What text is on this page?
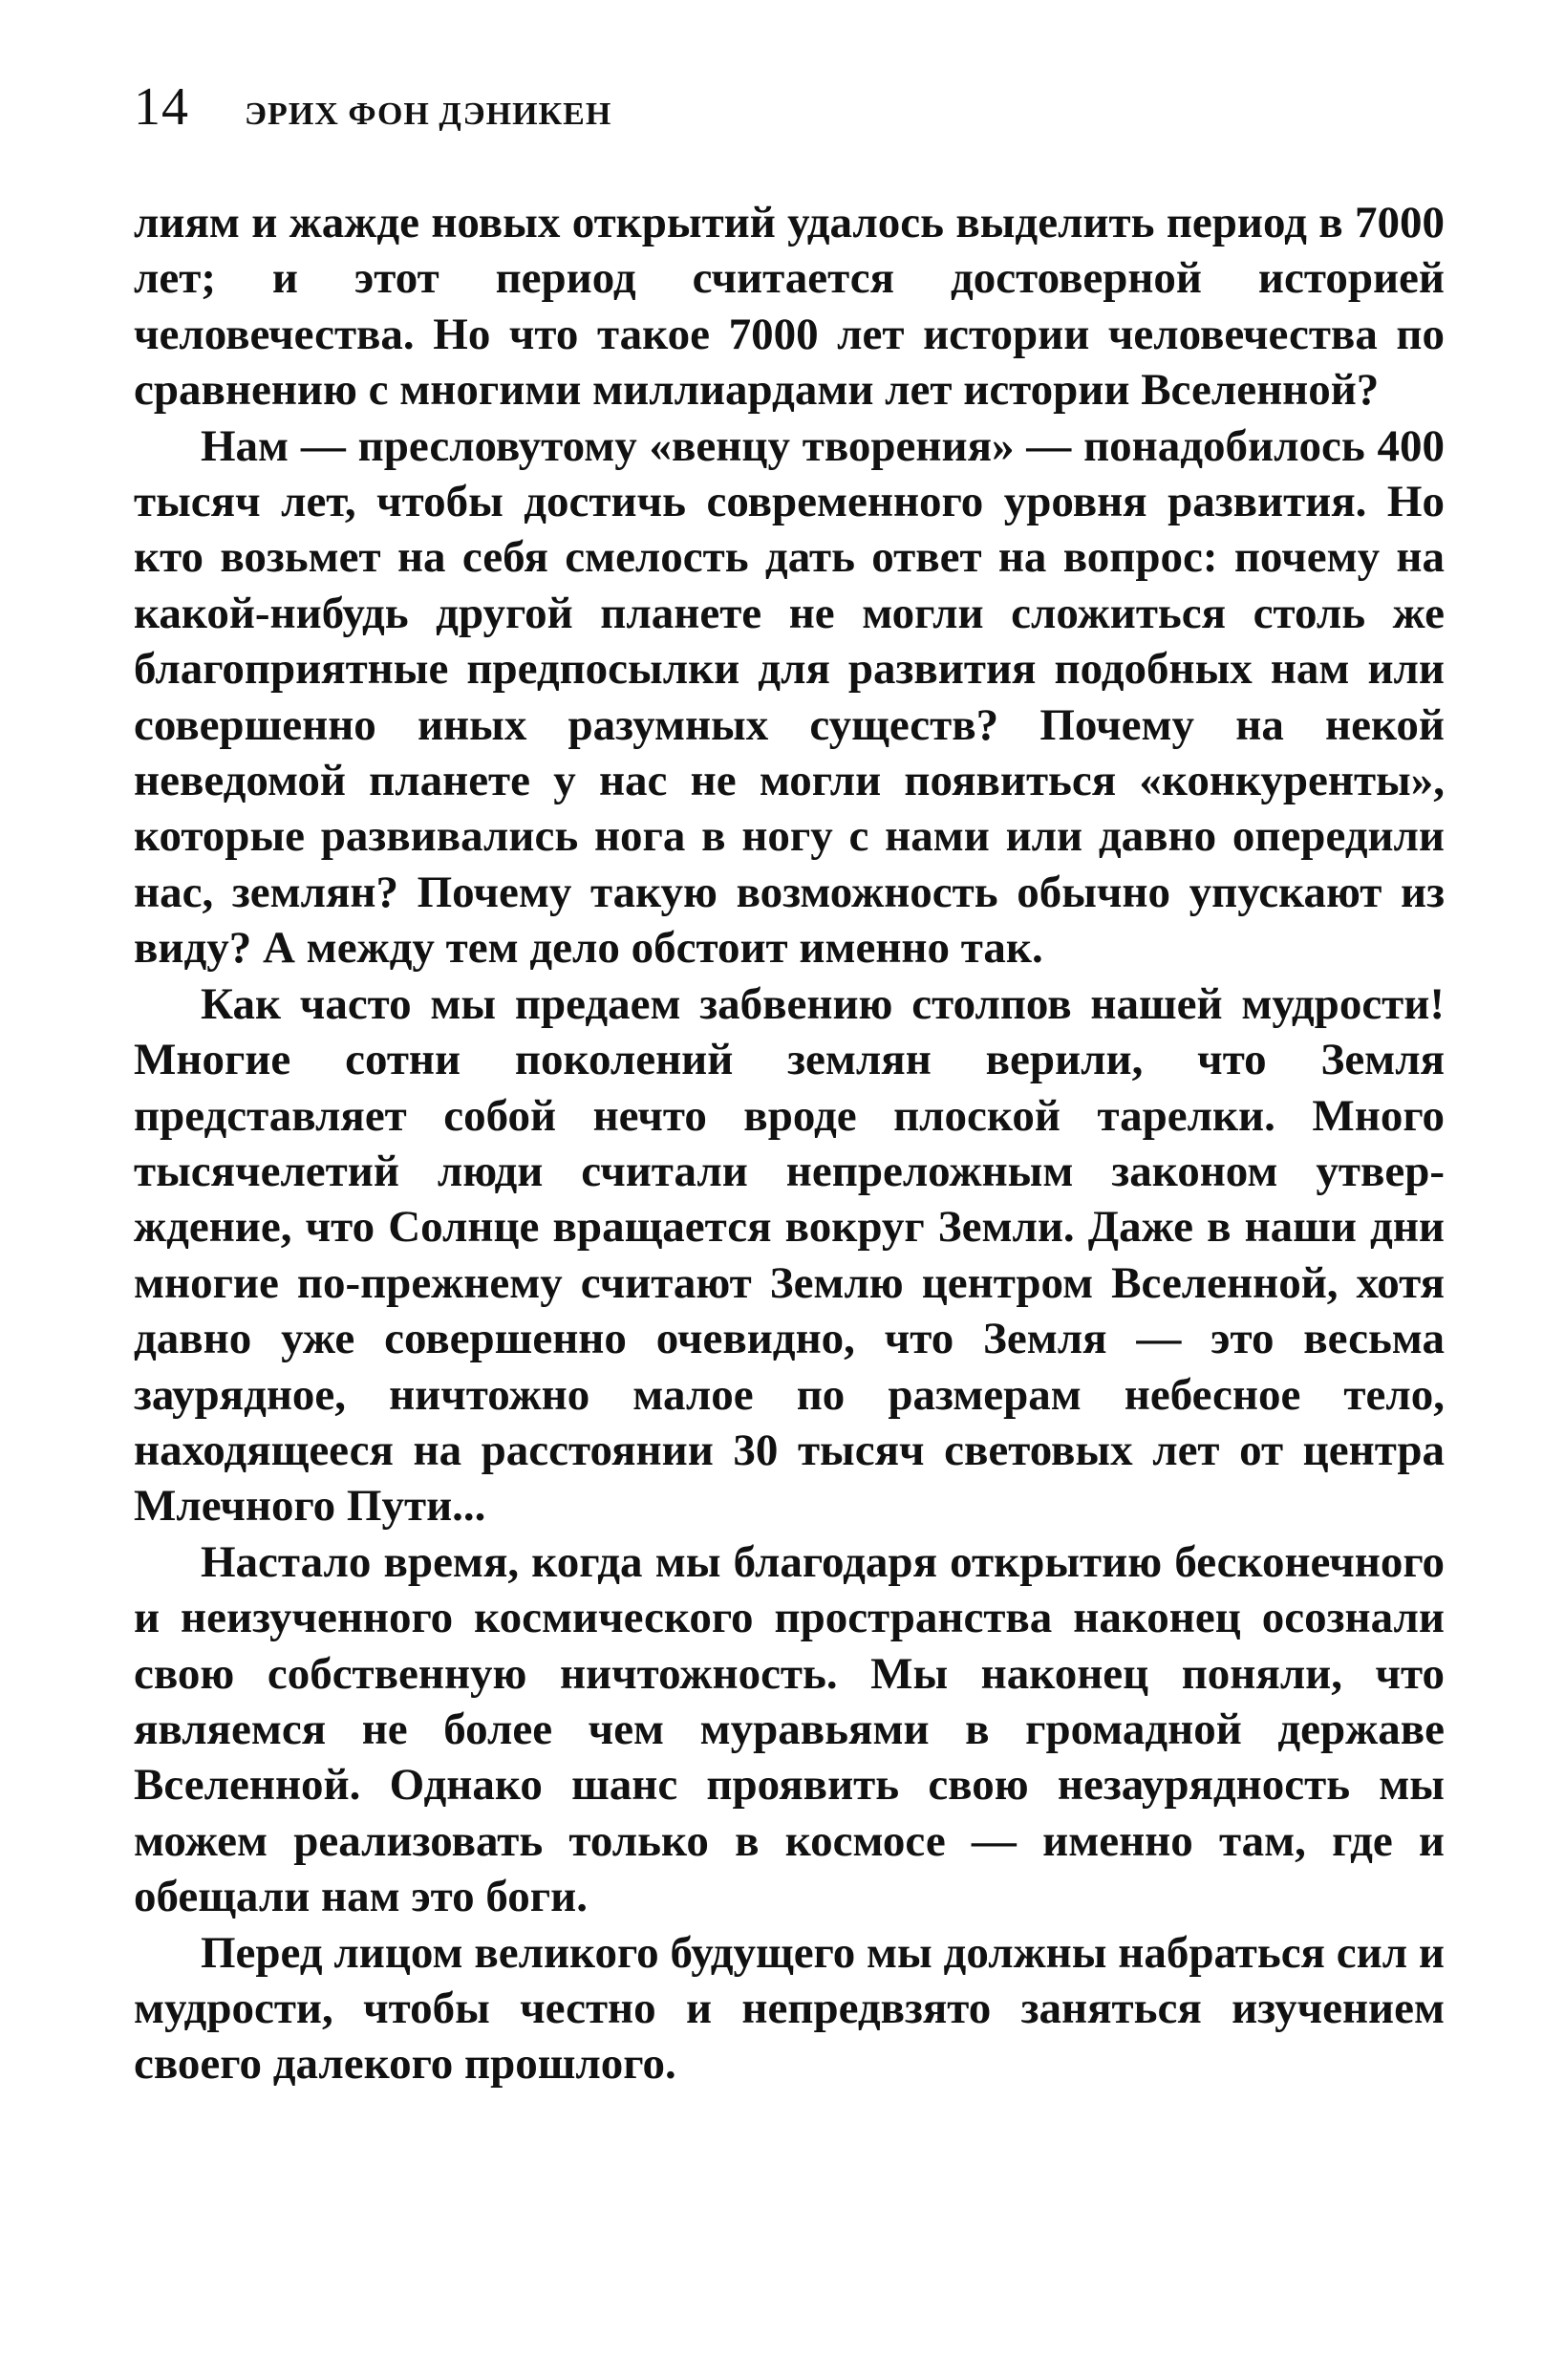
14 ЭРИХ ФОН ДЭНИКЕН

лиям и жажде новых открытий удалось выделить период в 7000 лет; и этот период считается достоверной историей человечества. Но что такое 7000 лет истории человечества по сравнению с многими миллиардами лет истории Вселенной?

Нам — пресловутому «венцу творения» — понадобилось 400 тысяч лет, чтобы достичь современного уровня развития. Но кто возьмет на себя смелость дать ответ на вопрос: почему на какой-нибудь другой планете не могли сложиться столь же благоприятные предпосылки для развития подобных нам или совершенно иных разумных существ? Почему на некой неведомой планете у нас не могли появиться «конкуренты», которые развивались нога в ногу с нами или давно опередили нас, землян? Почему такую возможность обычно упускают из виду? А между тем дело обстоит именно так.

Как часто мы предаем забвению столпов нашей мудрости! Многие сотни поколений землян верили, что Земля представляет собой нечто вроде плоской тарелки. Много тысячелетий люди считали непреложным законом утверждение, что Солнце вращается вокруг Земли. Даже в наши дни многие по-прежнему считают Землю центром Вселенной, хотя давно уже совершенно очевидно, что Земля — это весьма заурядное, ничтожно малое по размерам небесное тело, находящееся на расстоянии 30 тысяч световых лет от центра Млечного Пути...

Настало время, когда мы благодаря открытию бесконечного и неизученного космического пространства наконец осознали свою собственную ничтожность. Мы наконец поняли, что являемся не более чем муравьями в громадной державе Вселенной. Однако шанс проявить свою незаурядность мы можем реализовать только в космосе — именно там, где и обещали нам это боги.

Перед лицом великого будущего мы должны набраться сил и мудрости, чтобы честно и непредвзято заняться изучением своего далекого прошлого.
